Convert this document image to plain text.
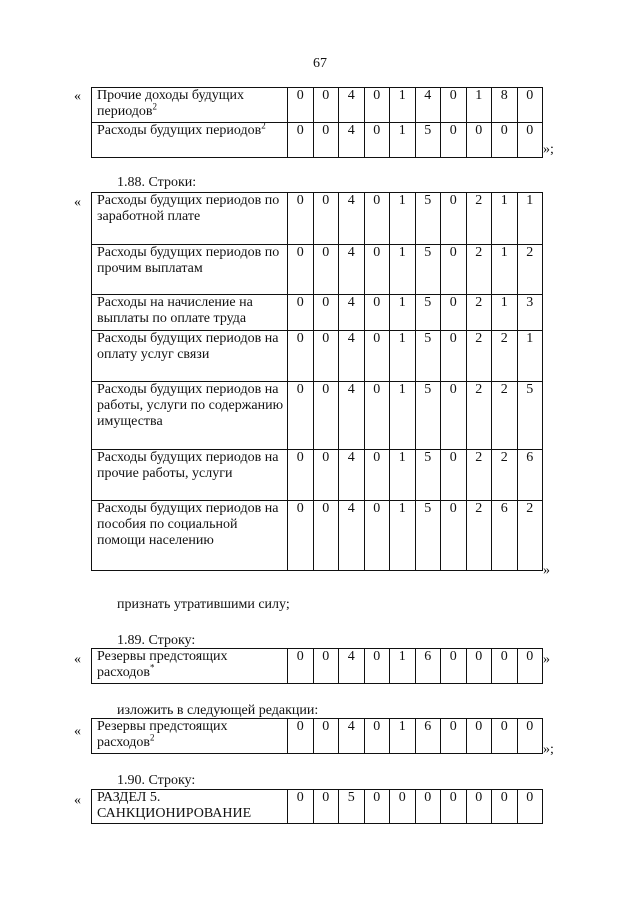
67
« Прочие доходы будущих периодов$^2$	0	0	4	0	1	4	0	1	8	0
Расходы будущих периодов$^2$	0	0	4	0	1	5	0	0	0	0
»;
1.88. Строки:
« Расходы будущих периодов по заработной плате	0	0	4	0	1	5	0	2	1	1
Расходы будущих периодов по прочим выплатам	0	0	4	0	1	5	0	2	1	2
Расходы на начисление на выплаты по оплате труда	0	0	4	0	1	5	0	2	1	3
Расходы будущих периодов на оплату услуг связи	0	0	4	0	1	5	0	2	2	1
Расходы будущих периодов на работы, услуги по содержанию имущества	0	0	4	0	1	5	0	2	2	5
Расходы будущих периодов на прочие работы, услуги	0	0	4	0	1	5	0	2	2	6
Расходы будущих периодов на пособия по социальной помощи населению	0	0	4	0	1	5	0	2	6	2
»
признать утратившими силу;
1.89. Строку:
« Резервы предстоящих расходов*	0	0	4	0	1	6	0	0	0	0 »
изложить в следующей редакции:
« Резервы предстоящих расходов$^2$	0	0	4	0	1	6	0	0	0	0
»;
1.90. Строку:
« РАЗДЕЛ 5. САНКЦИОНИРОВАНИЕ	0	0	5	0	0	0	0	0	0	0
